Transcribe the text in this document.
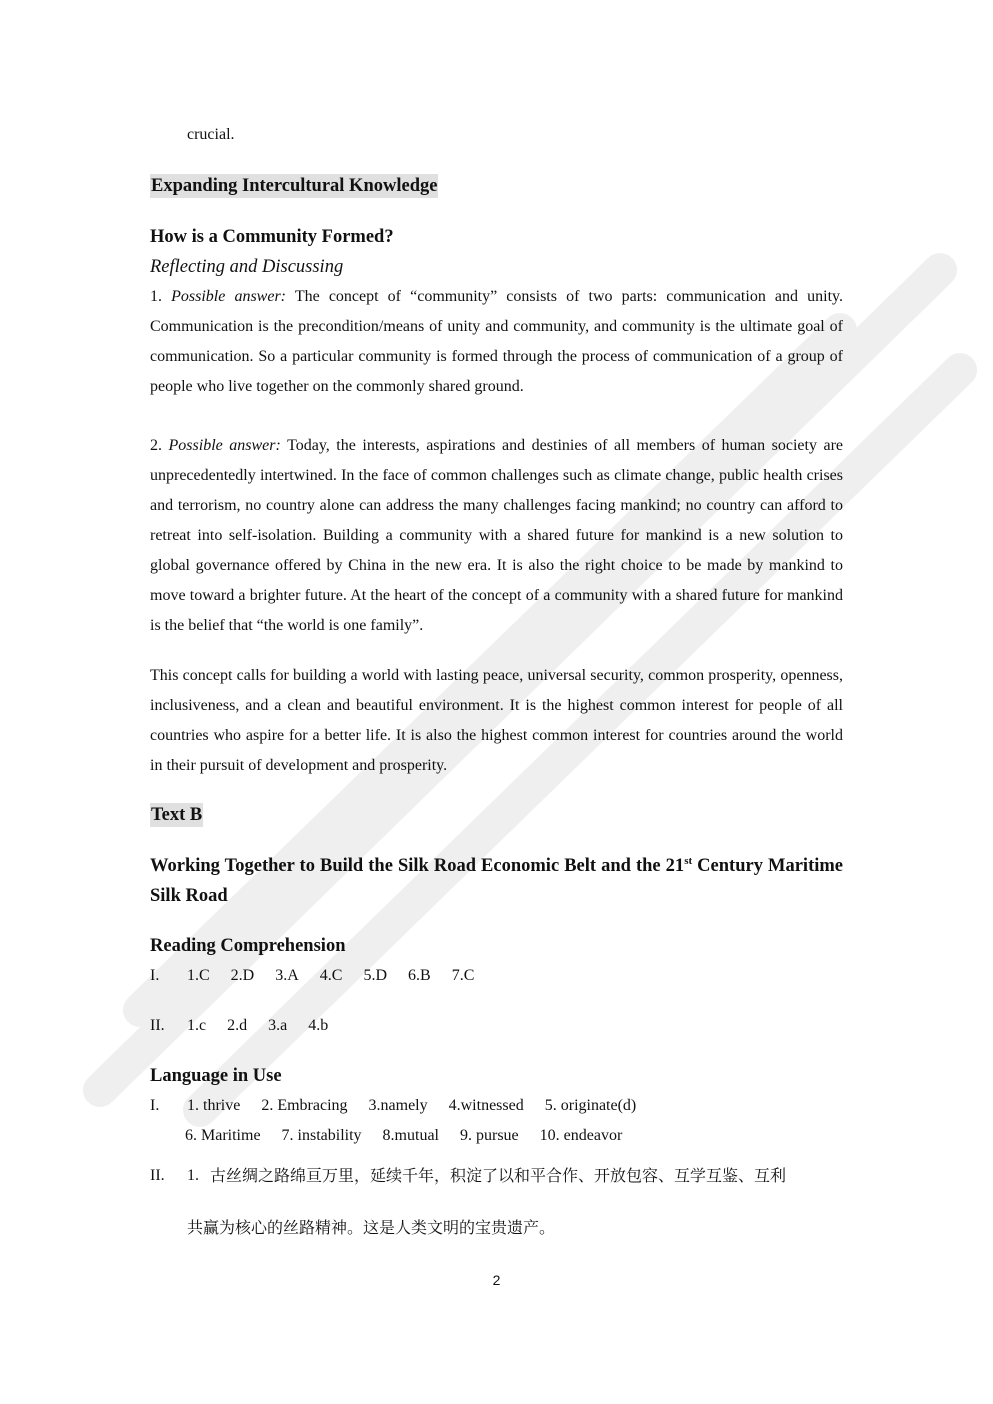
crucial.

Expanding Intercultural Knowledge

How is a Community Formed?

Reflecting and Discussing

1. Possible answer: The concept of “community” consists of two parts: communication and unity. Communication is the precondition/means of unity and community, and community is the ultimate goal of communication. So a particular community is formed through the process of communication of a group of people who live together on the commonly shared ground.

2. Possible answer: Today, the interests, aspirations and destinies of all members of human society are unprecedentedly intertwined. In the face of common challenges such as climate change, public health crises and terrorism, no country alone can address the many challenges facing mankind; no country can afford to retreat into self-isolation. Building a community with a shared future for mankind is a new solution to global governance offered by China in the new era. It is also the right choice to be made by mankind to move toward a brighter future. At the heart of the concept of a community with a shared future for mankind is the belief that “the world is one family”.

This concept calls for building a world with lasting peace, universal security, common prosperity, openness, inclusiveness, and a clean and beautiful environment. It is the highest common interest for people of all countries who aspire for a better life. It is also the highest common interest for countries around the world in their pursuit of development and prosperity.

Text B

Working Together to Build the Silk Road Economic Belt and the 21st Century Maritime Silk Road

Reading Comprehension

I.	1.C 2.D 3.A 4.C 5.D 6.B 7.C
II.	1.c 2.d 3.a 4.b

Language in Use

I.	1. thrive 2. Embracing 3.namely 4.witnessed 5. originate(d)

6. Maritime 7. instability 8.mutual 9. pursue 10. endeavor

II.	1. 古丝绸之路绵亘万里，延续千年，积淀了以和平合作、开放包容、互学互鉴、互利
共赢为核心的丝路精神。这是人类文明的宝贵遗产。
2
